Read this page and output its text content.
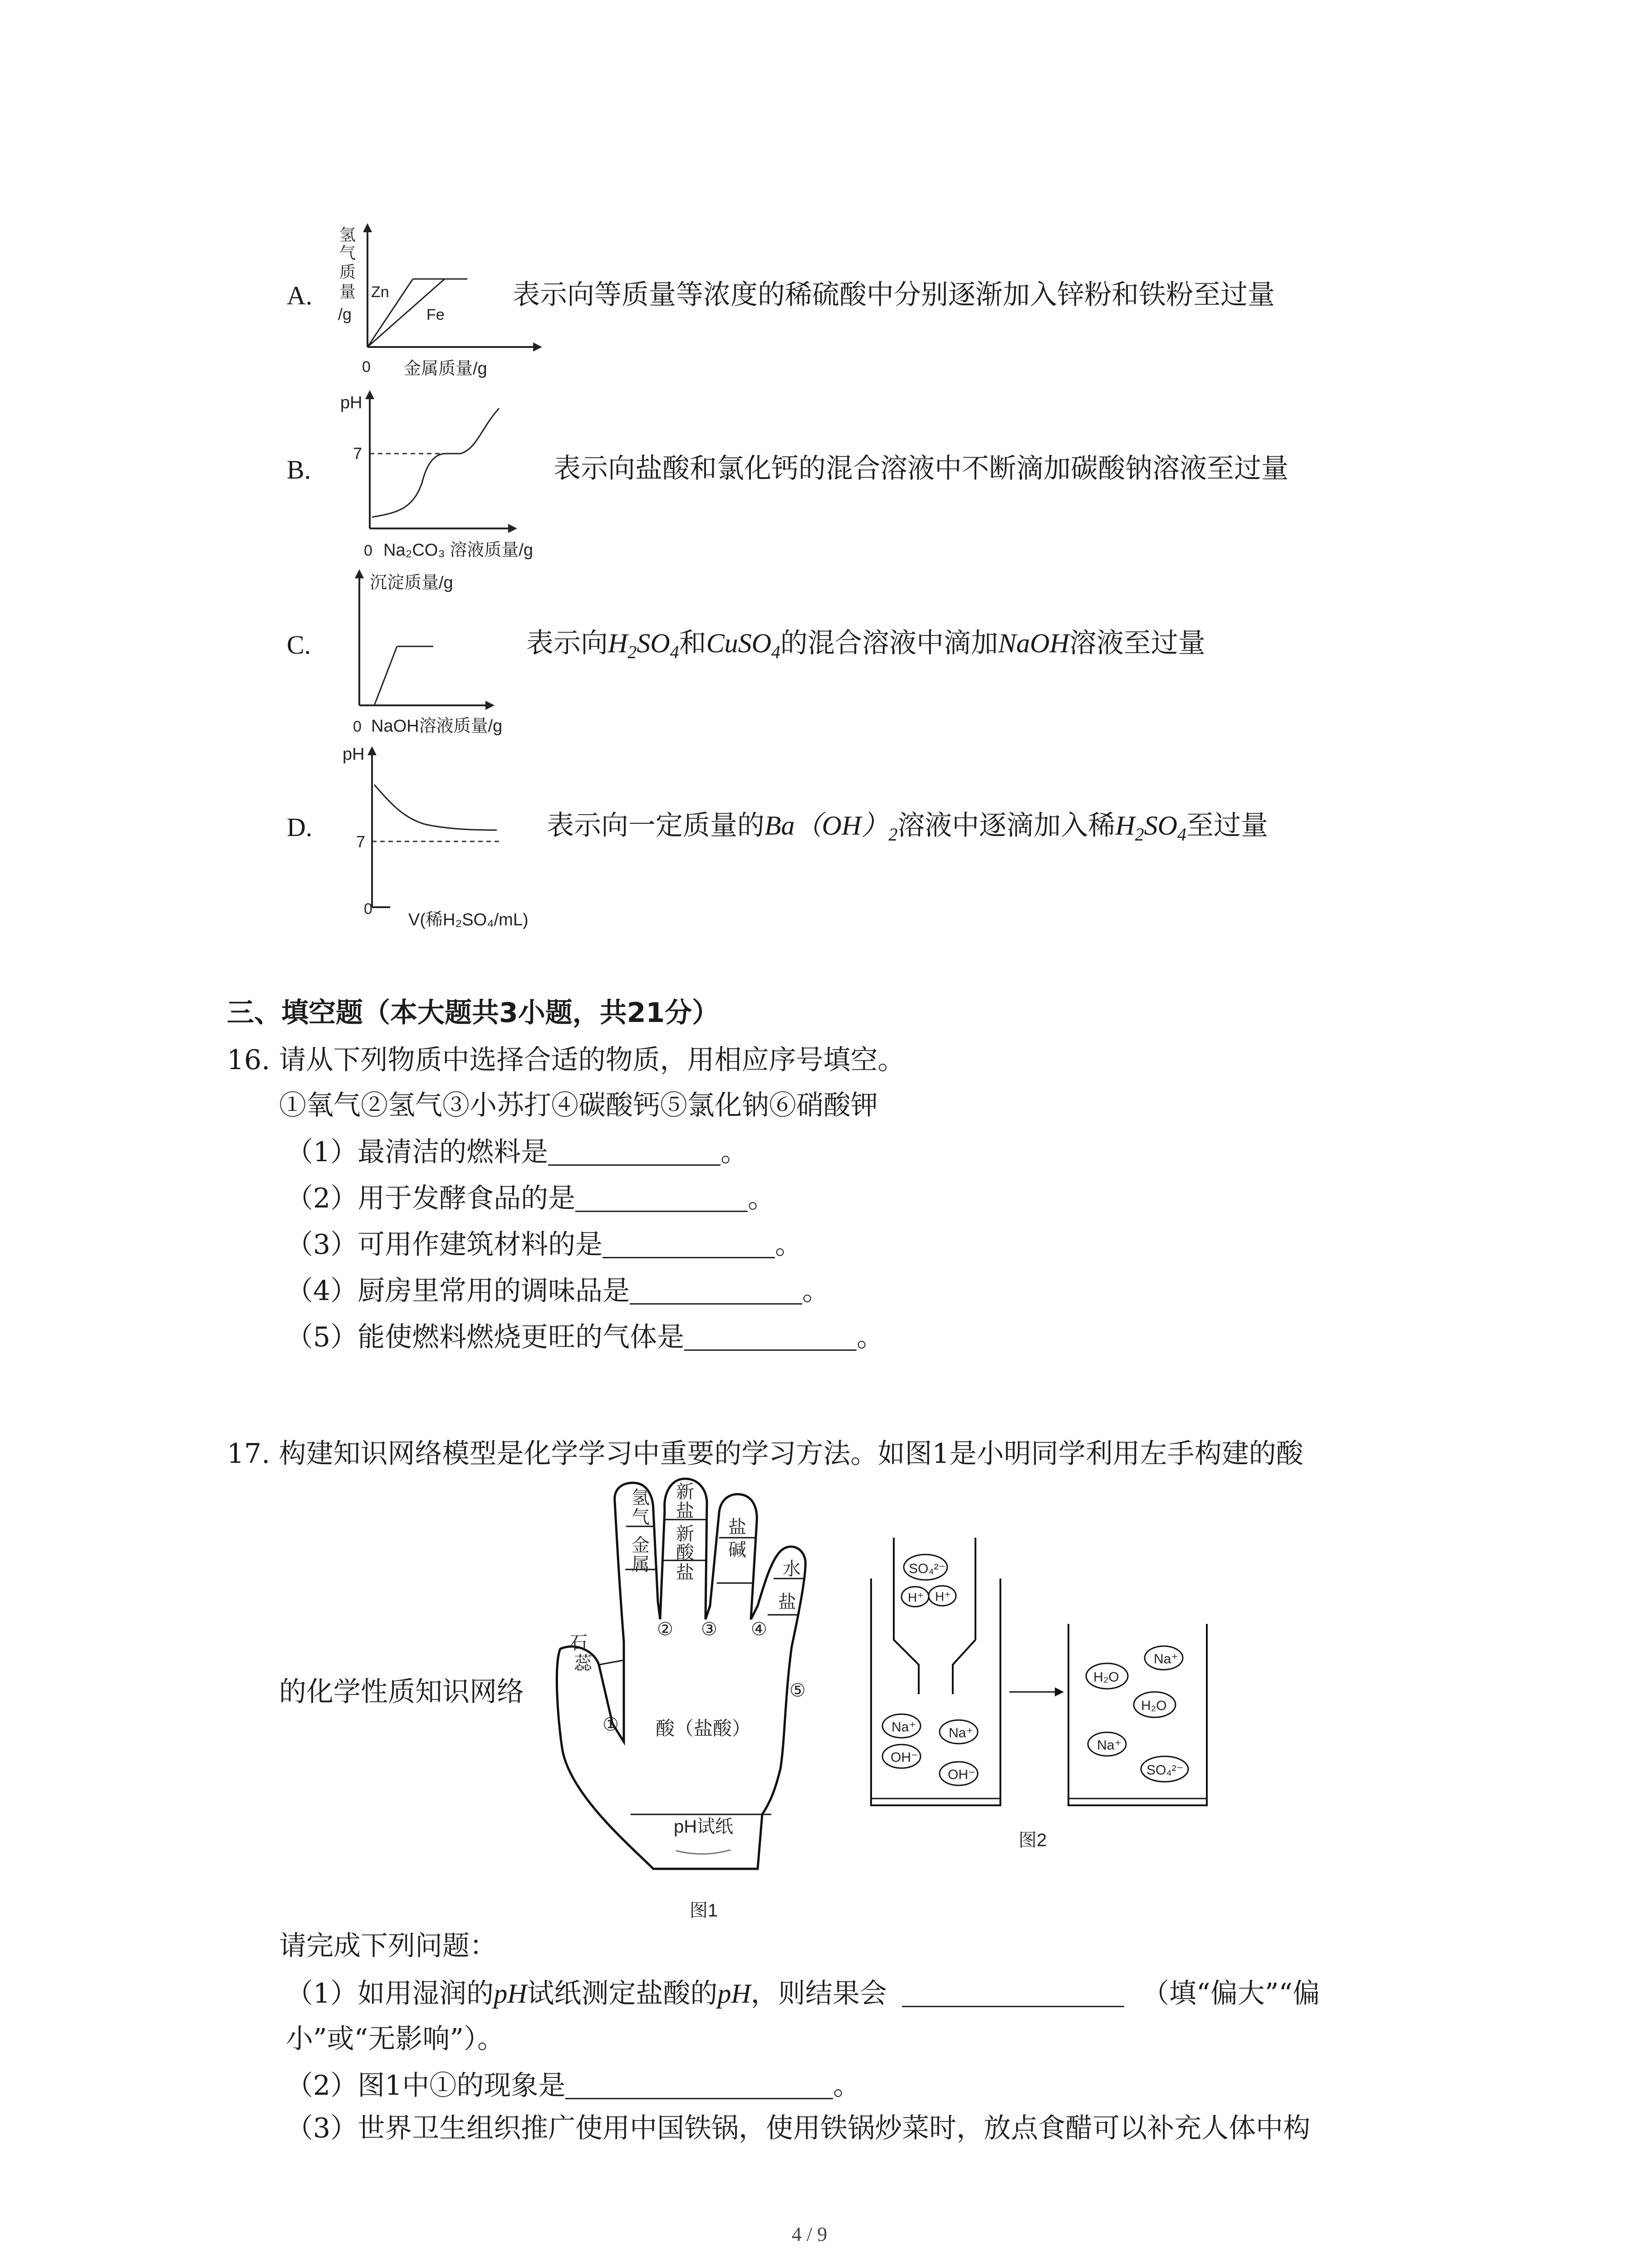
A.	Zn
Fe
0 金属质量/g
氢
气
质
量
/g
表示向等质量等浓度的稀硫酸中分别逐渐加入锌粉和铁粉至过量
B.
pH
7
0 Na₂CO₃ 溶液质量/g
表示向盐酸和氯化钙的混合溶液中不断滴加碳酸钠溶液至过量
C.
沉淀质量/g
0 NaOH溶液质量/g
表示向$H_2SO_4$和CuSO$_4$的混合溶液中滴加NaOH溶液至过量
D.
pH
7
0
V(稀H₂SO₄/mL)
表示向一定质量的$Ba(OH)_2$溶液中逐滴加入稀$H_2SO_4$至过量
三、填空题（本大题共3小题，共21分）
16. 请从下列物质中选择合适的物质，用相应序号填空。
①氧气②氢气③小苏打④碳酸钙⑤氯化钠⑥硝酸钾
（1）最清洁的燃料是	。
（2）用于发酵食品的是	。
（3）可用作建筑材料的是	。
（4）厨房里常用的调味品是	。
（5）能使燃料燃烧更旺的气体是	。
17. 构建知识网络模型是化学学习中重要的学习方法。如图1是小明同学利用左手构建的酸
的化学性质知识网络
氢
气
金
属
新
盐
新
酸
盐
盐
碱
水
盐
石
蕊
①
② ③ ④
⑤
酸（盐酸）
pH试纸
图1
SO₄²⁻
H⁺ H⁺
Na⁺ Na⁺
OH⁻
OH⁻
Na⁺
H₂O
H₂O
Na⁺
SO₄²⁻
图2
请完成下列问题：
（1）如用湿润的pH试纸测定盐酸的pH，则结果会	（填“偏大”“偏
小”或“无影响”）。
（2）图1中①的现象是	。
（3）世界卫生组织推广使用中国铁锅，使用铁锅炒菜时，放点食醋可以补充人体中构
4 / 9
